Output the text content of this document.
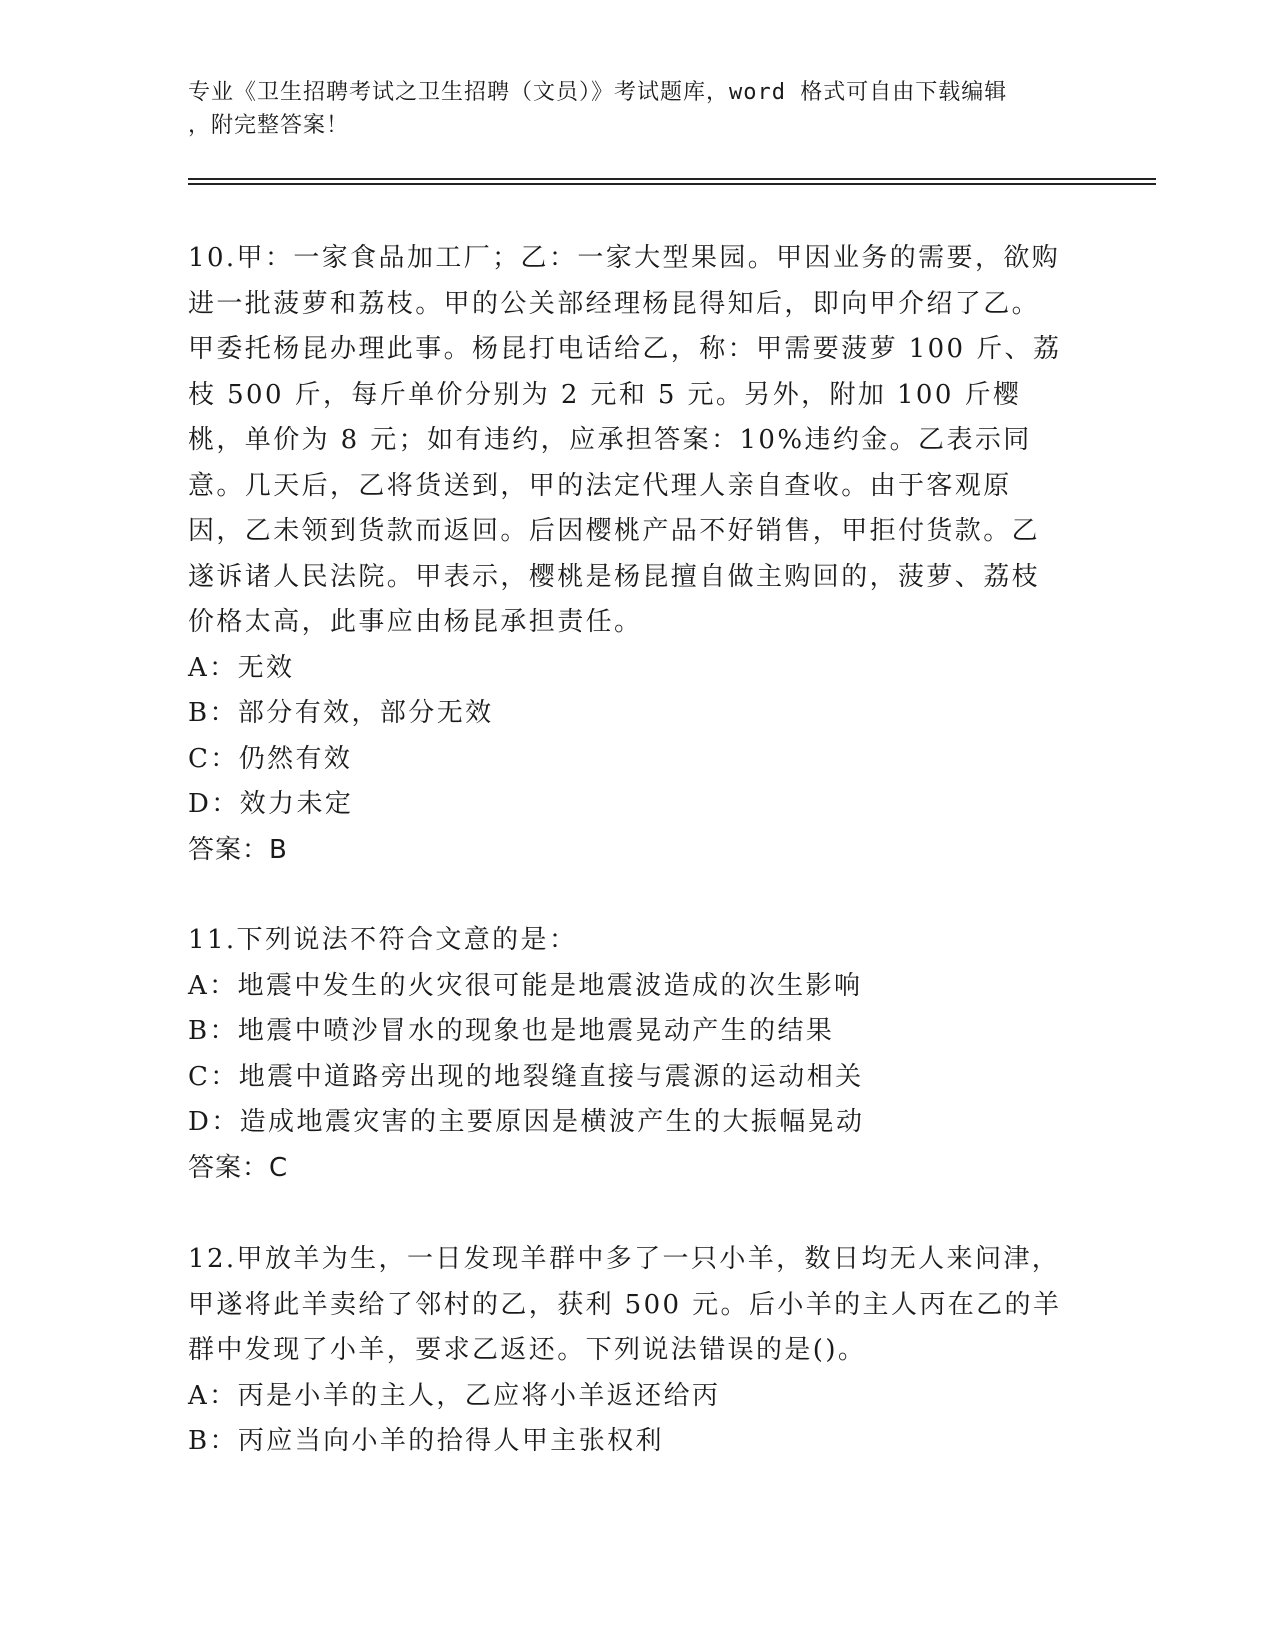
专业《卫生招聘考试之卫生招聘（文员）》考试题库，word 格式可自由下载编辑
，附完整答案！

10.甲：一家食品加工厂；乙：一家大型果园。甲因业务的需要，欲购进一批菠萝和荔枝。甲的公关部经理杨昆得知后，即向甲介绍了乙。甲委托杨昆办理此事。杨昆打电话给乙，称：甲需要菠萝 100 斤、荔枝 500 斤，每斤单价分别为 2 元和 5 元。另外，附加 100 斤樱桃，单价为 8 元；如有违约，应承担答案：10%违约金。乙表示同意。几天后，乙将货送到，甲的法定代理人亲自查收。由于客观原因，乙未领到货款而返回。后因樱桃产品不好销售，甲拒付货款。乙遂诉诸人民法院。甲表示，樱桃是杨昆擅自做主购回的，菠萝、荔枝价格太高，此事应由杨昆承担责任。

A：无效

B：部分有效，部分无效

C：仍然有效

D：效力未定

答案：B

11.下列说法不符合文意的是：

A：地震中发生的火灾很可能是地震波造成的次生影响

B：地震中喷沙冒水的现象也是地震晃动产生的结果

C：地震中道路旁出现的地裂缝直接与震源的运动相关

D：造成地震灾害的主要原因是横波产生的大振幅晃动

答案：C

12.甲放羊为生，一日发现羊群中多了一只小羊，数日均无人来问津，甲遂将此羊卖给了邻村的乙，获利 500 元。后小羊的主人丙在乙的羊群中发现了小羊，要求乙返还。下列说法错误的是()。

A：丙是小羊的主人，乙应将小羊返还给丙

B：丙应当向小羊的拾得人甲主张权利
